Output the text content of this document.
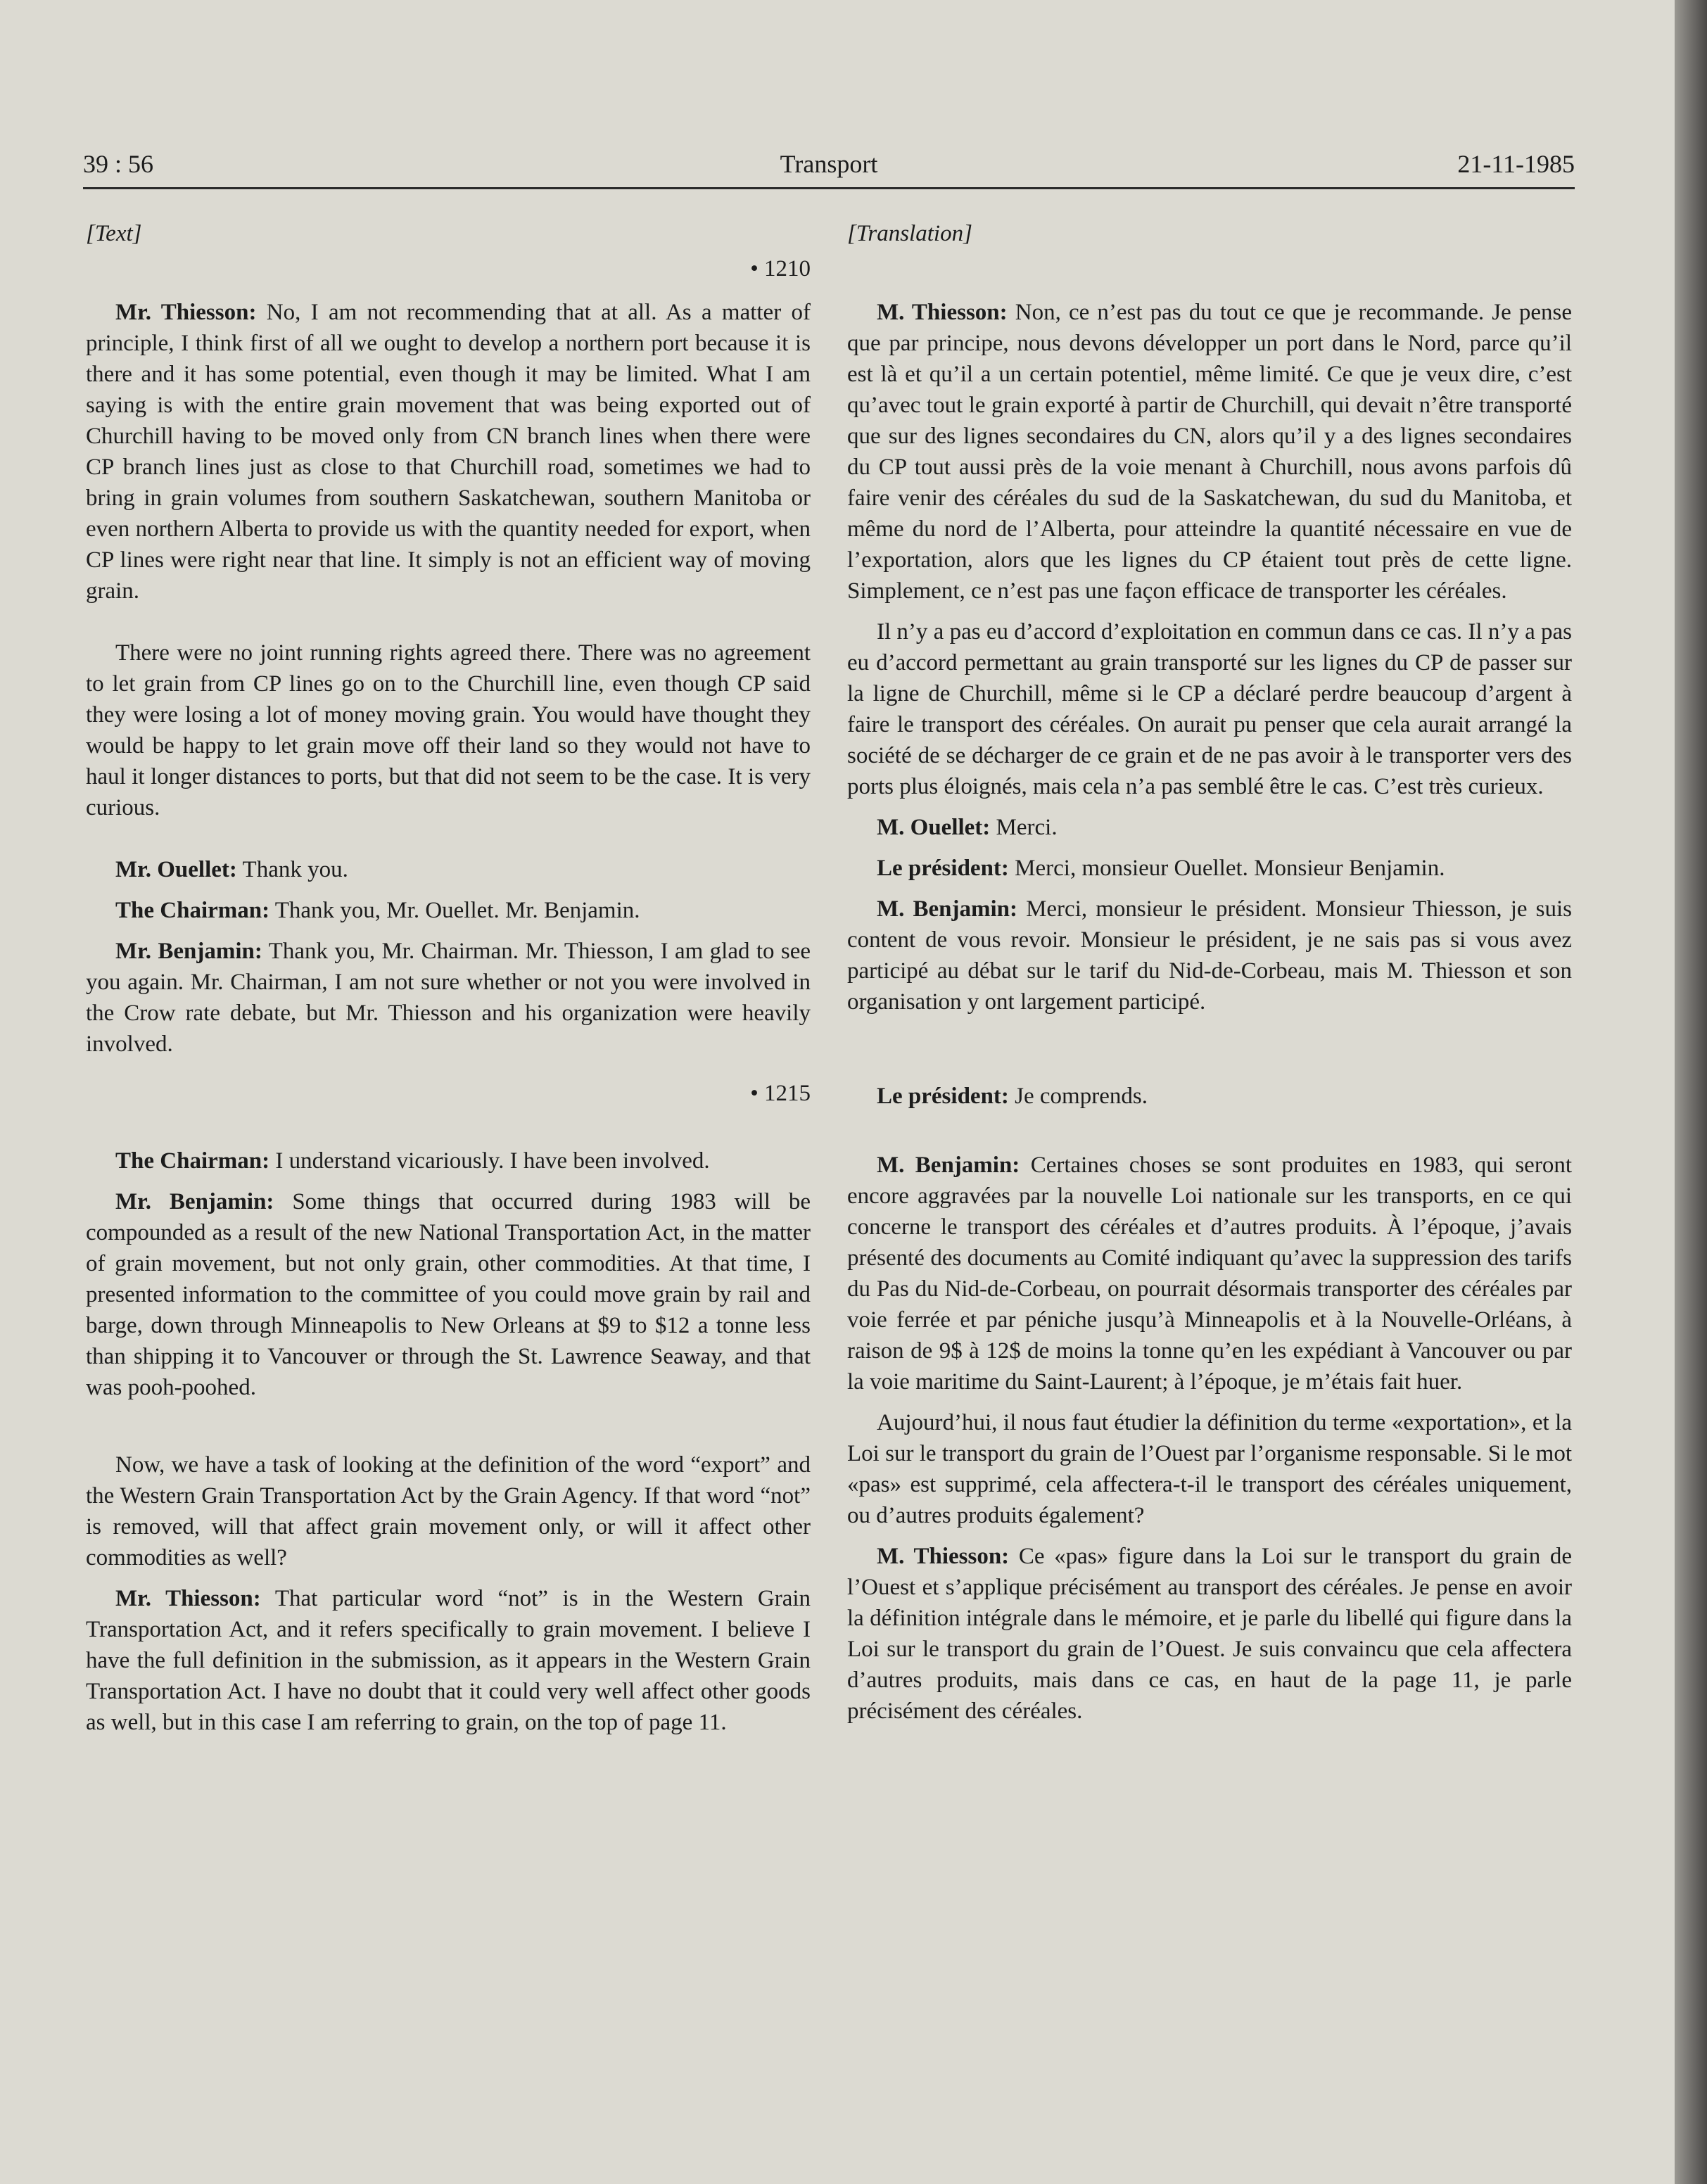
39 : 56	Transport	21-11-1985
[Text]
• 1210

Mr. Thiesson: No, I am not recommending that at all. As a matter of principle, I think first of all we ought to develop a northern port because it is there and it has some potential, even though it may be limited. What I am saying is with the entire grain movement that was being exported out of Churchill having to be moved only from CN branch lines when there were CP branch lines just as close to that Churchill road, sometimes we had to bring in grain volumes from southern Saskatchewan, southern Manitoba or even northern Alberta to provide us with the quantity needed for export, when CP lines were right near that line. It simply is not an efficient way of moving grain.

There were no joint running rights agreed there. There was no agreement to let grain from CP lines go on to the Churchill line, even though CP said they were losing a lot of money moving grain. You would have thought they would be happy to let grain move off their land so they would not have to haul it longer distances to ports, but that did not seem to be the case. It is very curious.

Mr. Ouellet: Thank you.

The Chairman: Thank you, Mr. Ouellet. Mr. Benjamin.

Mr. Benjamin: Thank you, Mr. Chairman. Mr. Thiesson, I am glad to see you again. Mr. Chairman, I am not sure whether or not you were involved in the Crow rate debate, but Mr. Thiesson and his organization were heavily involved.

• 1215

The Chairman: I understand vicariously. I have been involved.

Mr. Benjamin: Some things that occurred during 1983 will be compounded as a result of the new National Transportation Act, in the matter of grain movement, but not only grain, other commodities. At that time, I presented information to the committee of you could move grain by rail and barge, down through Minneapolis to New Orleans at $9 to $12 a tonne less than shipping it to Vancouver or through the St. Lawrence Seaway, and that was pooh-poohed.

Now, we have a task of looking at the definition of the word “export” and the Western Grain Transportation Act by the Grain Agency. If that word “not” is removed, will that affect grain movement only, or will it affect other commodities as well?

Mr. Thiesson: That particular word “not” is in the Western Grain Transportation Act, and it refers specifically to grain movement. I believe I have the full definition in the submission, as it appears in the Western Grain Transportation Act. I have no doubt that it could very well affect other goods as well, but in this case I am referring to grain, on the top of page 11.

[Translation]

M. Thiesson: Non, ce n’est pas du tout ce que je recommande. Je pense que par principe, nous devons développer un port dans le Nord, parce qu’il est là et qu’il a un certain potentiel, même limité. Ce que je veux dire, c’est qu’avec tout le grain exporté à partir de Churchill, qui devait n’être transporté que sur des lignes secondaires du CN, alors qu’il y a des lignes secondaires du CP tout aussi près de la voie menant à Churchill, nous avons parfois dû faire venir des céréales du sud de la Saskatchewan, du sud du Manitoba, et même du nord de l’Alberta, pour atteindre la quantité nécessaire en vue de l’exportation, alors que les lignes du CP étaient tout près de cette ligne. Simplement, ce n’est pas une façon efficace de transporter les céréales.

Il n’y a pas eu d’accord d’exploitation en commun dans ce cas. Il n’y a pas eu d’accord permettant au grain transporté sur les lignes du CP de passer sur la ligne de Churchill, même si le CP a déclaré perdre beaucoup d’argent à faire le transport des céréales. On aurait pu penser que cela aurait arrangé la société de se décharger de ce grain et de ne pas avoir à le transporter vers des ports plus éloignés, mais cela n’a pas semblé être le cas. C’est très curieux.

M. Ouellet: Merci.

Le président: Merci, monsieur Ouellet. Monsieur Benjamin.

M. Benjamin: Merci, monsieur le président. Monsieur Thiesson, je suis content de vous revoir. Monsieur le président, je ne sais pas si vous avez participé au débat sur le tarif du Nid-de-Corbeau, mais M. Thiesson et son organisation y ont largement participé.

Le président: Je comprends.

M. Benjamin: Certaines choses se sont produites en 1983, qui seront encore aggravées par la nouvelle Loi nationale sur les transports, en ce qui concerne le transport des céréales et d’autres produits. À l’époque, j’avais présenté des documents au Comité indiquant qu’avec la suppression des tarifs du Pas du Nid-de-Corbeau, on pourrait désormais transporter des céréales par voie ferrée et par péniche jusqu’à Minneapolis et à la Nouvelle-Orléans, à raison de 9$ à 12$ de moins la tonne qu’en les expédiant à Vancouver ou par la voie maritime du Saint-Laurent; à l’époque, je m’étais fait huer.

Aujourd’hui, il nous faut étudier la définition du terme «exportation», et la Loi sur le transport du grain de l’Ouest par l’organisme responsable. Si le mot «pas» est supprimé, cela affectera-t-il le transport des céréales uniquement, ou d’autres produits également?

M. Thiesson: Ce «pas» figure dans la Loi sur le transport du grain de l’Ouest et s’applique précisément au transport des céréales. Je pense en avoir la définition intégrale dans le mémoire, et je parle du libellé qui figure dans la Loi sur le transport du grain de l’Ouest. Je suis convaincu que cela affectera d’autres produits, mais dans ce cas, en haut de la page 11, je parle précisément des céréales.
